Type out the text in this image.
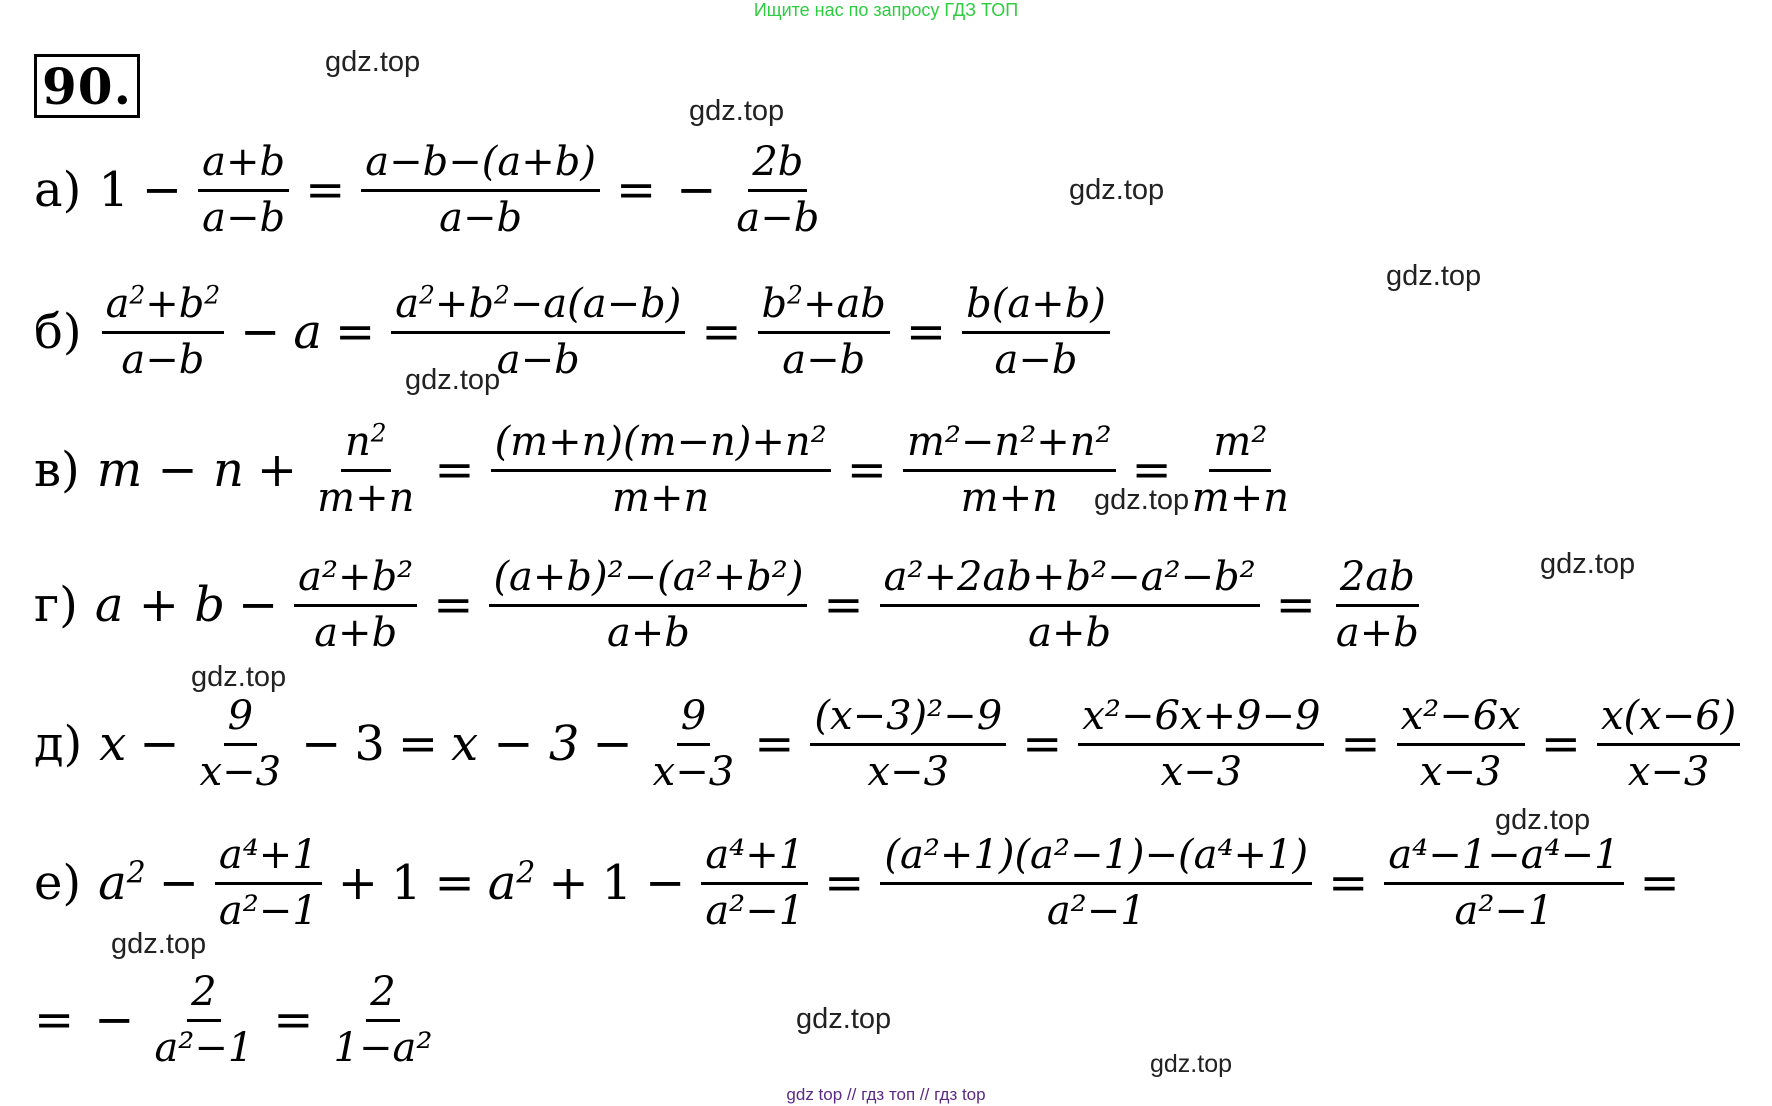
Ищите нас по запросу ГДЗ ТОП
90.	gdz.top
gdz.top
gdz.top
gdz.top
gdz.top
gdz.top
gdz.top
gdz.top
gdz.top
gdz.top
gdz.top
gdz.top
а) $1 - \frac{a+b}{a-b} = \frac{a-b-(a+b)}{a-b}$ = − $\frac{2b}{a-b}$
$б) \frac{a^2+b^2}{a-b} - a = \frac{a^2+b^2-a(a-b)}{a-b} = \frac{b^2+ab}{a-b} = \frac{b(a+b)}{a-b}$
в) $m - n + \frac{n^2}{m+n} = \frac{\text{(m+n)(m−n)+n²}}{m+n} = \frac{\text{m²−n²+n²}}{m+n} = \frac{\text{m²}}{m+n}$
г) $a + b - \frac{\text{a²+b²}}{a+b} = \frac{\text{(a+b)²−(a²+b²)}}{a+b} = \frac{\text{a²+2ab+b²−a²−b²}}{a+b} = \frac{2ab}{a+b}$
д) $x - \frac{9}{x-3} - 3 = x - 3 - \frac{9}{x-3} = \frac{\text{(x−3)²−9}}{x-3} = \frac{\text{x²−6x+9−9}}{x-3} = \frac{\text{x²−6x}}{x-3} = \frac{x(x-6)}{x-3}$
е) $a^2 - \frac{\text{a⁴+1}}{\text{a²−1}} + 1 = a^2 + 1 - \frac{\text{a⁴+1}}{\text{a²−1}} = \frac{\text{(a²+1)(a²−1)−(a⁴+1)}}{\text{a²−1}} = \frac{\text{a⁴−1−a⁴−1}}{\text{a²−1}}$ =
= − $\frac{2}{\text{a²−1}} = \frac{2}{\text{1−a²}}$
gdz top // гдз топ // гдз top
